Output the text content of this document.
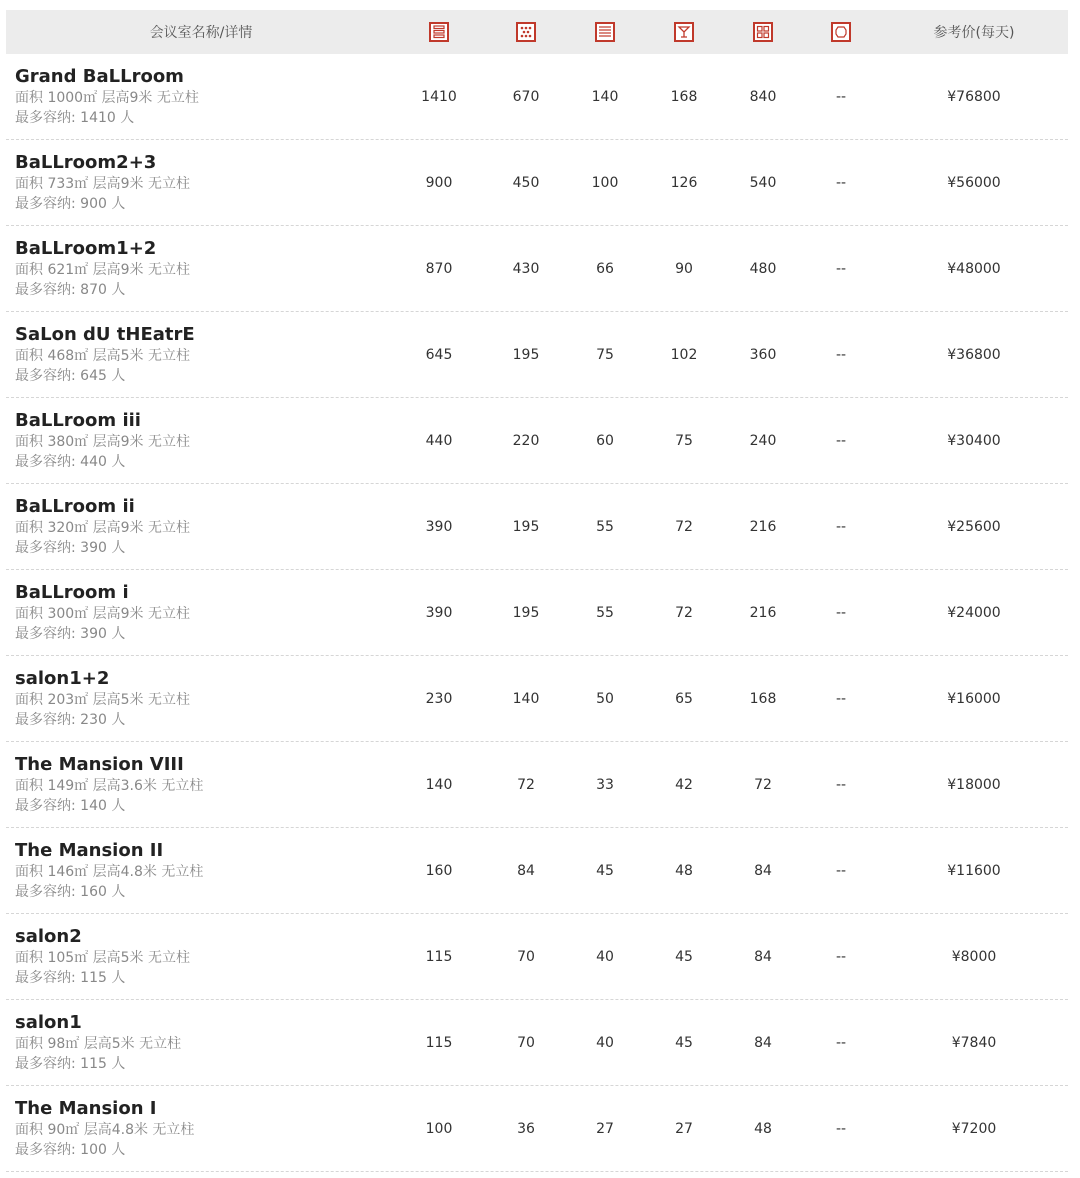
会议室名称/详情	参考价(每天)
Grand BaLLroom
面积 1000㎡ 层高9米 无立柱
最多容纳: 1410 人
1410	670	140	168	840	--	¥76800
BaLLroom2+3
面积 733㎡ 层高9米 无立柱
最多容纳: 900 人
900	450	100	126	540	--	¥56000
BaLLroom1+2
面积 621㎡ 层高9米 无立柱
最多容纳: 870 人
870	430	66	90	480	--	¥48000
SaLon dU tHEatrE
面积 468㎡ 层高5米 无立柱
最多容纳: 645 人
645	195	75	102	360	--	¥36800
BaLLroom iii
面积 380㎡ 层高9米 无立柱
最多容纳: 440 人
440	220	60	75	240	--	¥30400
BaLLroom ii
面积 320㎡ 层高9米 无立柱
最多容纳: 390 人
390	195	55	72	216	--	¥25600
BaLLroom i
面积 300㎡ 层高9米 无立柱
最多容纳: 390 人
390	195	55	72	216	--	¥24000
salon1+2
面积 203㎡ 层高5米 无立柱
最多容纳: 230 人
230	140	50	65	168	--	¥16000
The Mansion VIII
面积 149㎡ 层高3.6米 无立柱
最多容纳: 140 人
140	72	33	42	72	--	¥18000
The Mansion II
面积 146㎡ 层高4.8米 无立柱
最多容纳: 160 人
160	84	45	48	84	--	¥11600
salon2
面积 105㎡ 层高5米 无立柱
最多容纳: 115 人
115	70	40	45	84	--	¥8000
salon1
面积 98㎡ 层高5米 无立柱
最多容纳: 115 人
115	70	40	45	84	--	¥7840
The Mansion I
面积 90㎡ 层高4.8米 无立柱
最多容纳: 100 人
100	36	27	27	48	--	¥7200
